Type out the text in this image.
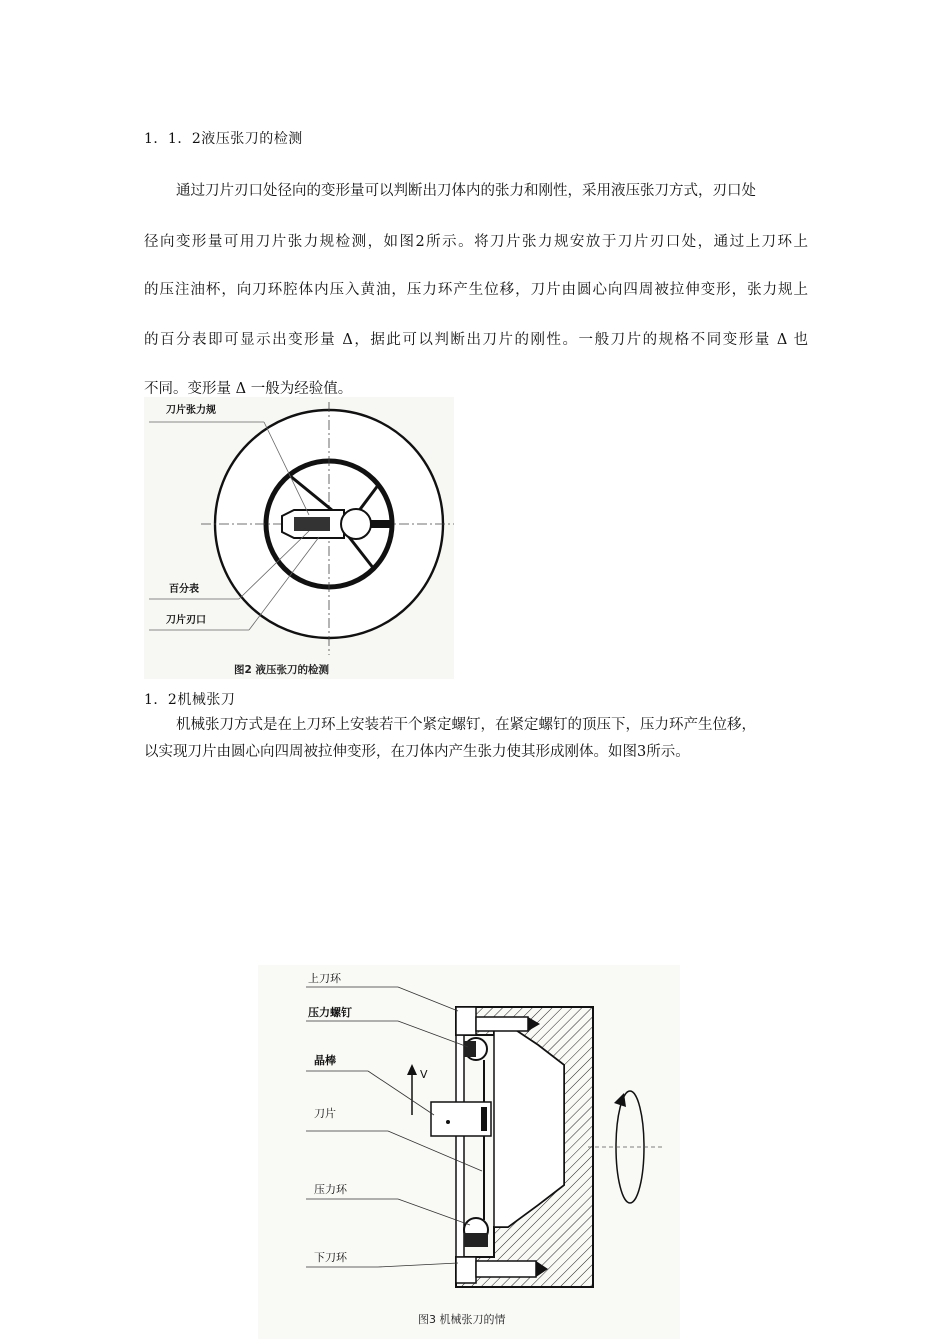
1．1．2液压张刀的检测

通过刀片刃口处径向的变形量可以判断出刀体内的张力和刚性，采用液压张刀方式，刃口处

径向变形量可用刀片张力规检测，如图2所示。将刀片张力规安放于刀片刃口处，通过上刀环上

的压注油杯，向刀环腔体内压入黄油，压力环产生位移，刀片由圆心向四周被拉伸变形，张力规上

的百分表即可显示出变形量 Δ，据此可以判断出刀片的刚性。一般刀片的规格不同变形量 Δ 也

不同。变形量 Δ 一般为经验值。

刀片张力规
百分表
刀片刃口
图2 液压张刀的检测

1．2机械张刀

机械张刀方式是在上刀环上安装若干个紧定螺钉，在紧定螺钉的顶压下，压力环产生位移，

以实现刀片由圆心向四周被拉伸变形，在刀体内产生张力使其形成刚体。如图3所示。

V
上刀环
压力螺钉
晶棒
刀片
压力环
下刀环
图3 机械张刀的情
